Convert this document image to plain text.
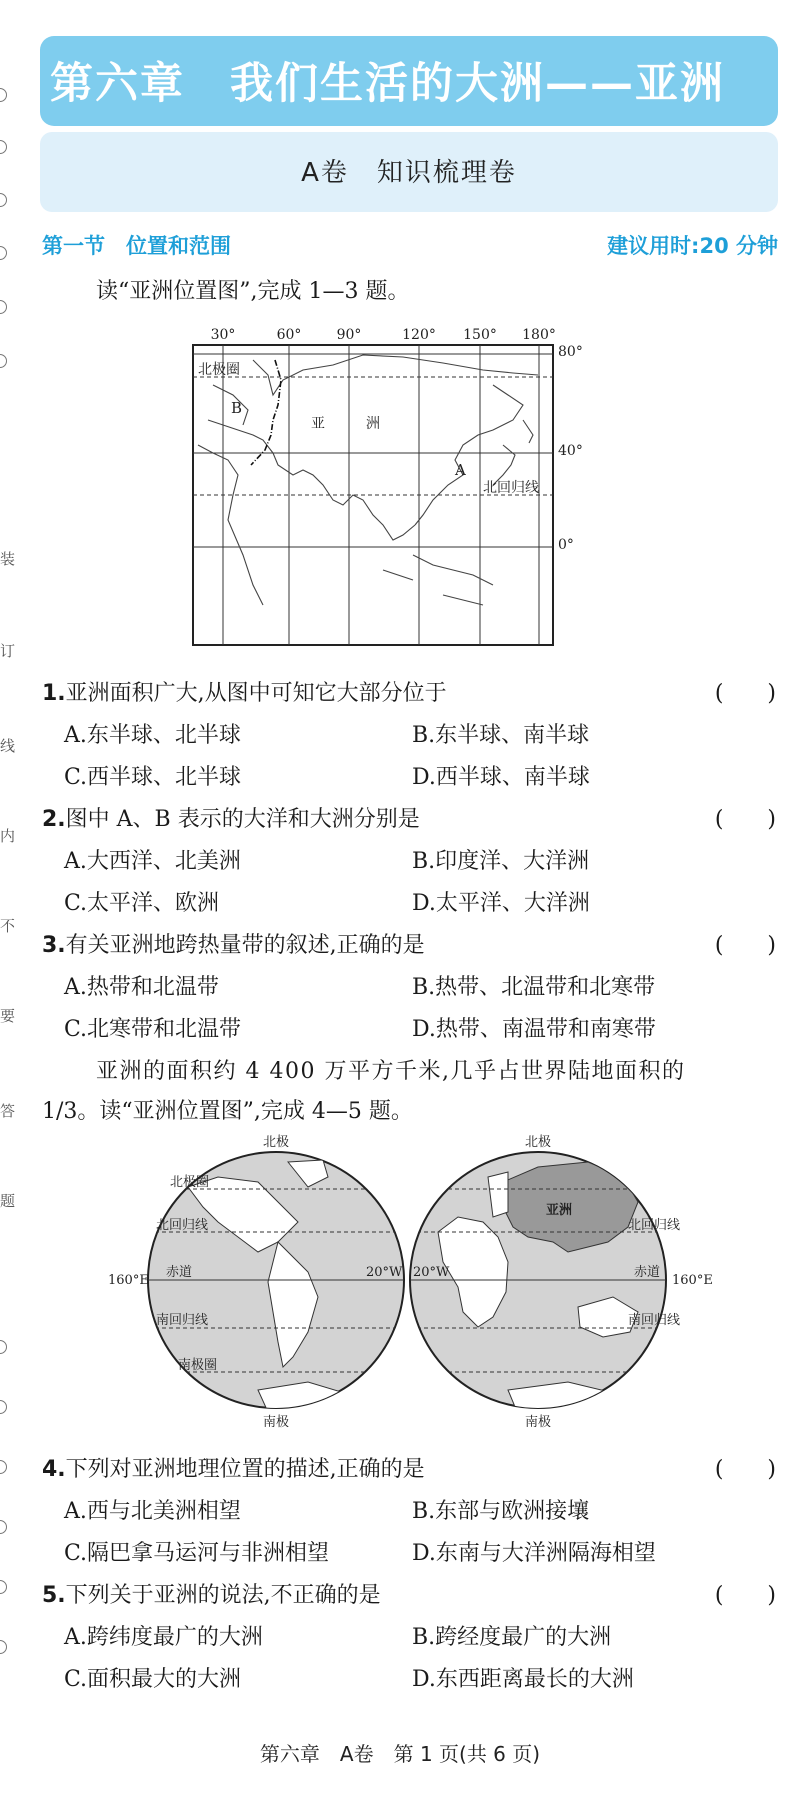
装
订
线
内
不
要
答
题
第六章　我们生活的大洲——亚洲
A卷　知识梳理卷
第一节　位置和范围	建议用时:20 分钟
读“亚洲位置图”,完成 1—3 题。
30°	60°	90°	120° 150° 180°
80°
40°
0°
北极圈
B
A
亚	洲
北回归线
1.亚洲面积广大,从图中可知它大部分位于	(　　)
A.东半球、北半球	B.东半球、南半球
C.西半球、北半球	D.西半球、南半球
2.图中 A、B 表示的大洋和大洲分别是	(　　)
A.大西洋、北美洲	B.印度洋、大洋洲
C.太平洋、欧洲	D.太平洋、大洋洲
3.有关亚洲地跨热量带的叙述,正确的是	(　　)
A.热带和北温带	B.热带、北温带和北寒带
C.北寒带和北温带	D.热带、南温带和南寒带
亚洲的面积约 4 400 万平方千米,几乎占世界陆地面积的
1/3。读“亚洲位置图”,完成 4—5 题。
北极	北极
南极	南极
北极圈
北回归线
赤道
南回归线
南极圈
160°E
20°W 20°W
160°E
北回归线
赤道
南回归线
亚洲
4.下列对亚洲地理位置的描述,正确的是	(　　)
A.西与北美洲相望	B.东部与欧洲接壤
C.隔巴拿马运河与非洲相望	D.东南与大洋洲隔海相望
5.下列关于亚洲的说法,不正确的是	(　　)
A.跨纬度最广的大洲	B.跨经度最广的大洲
C.面积最大的大洲	D.东西距离最长的大洲
第六章　A卷　第 1 页(共 6 页)
